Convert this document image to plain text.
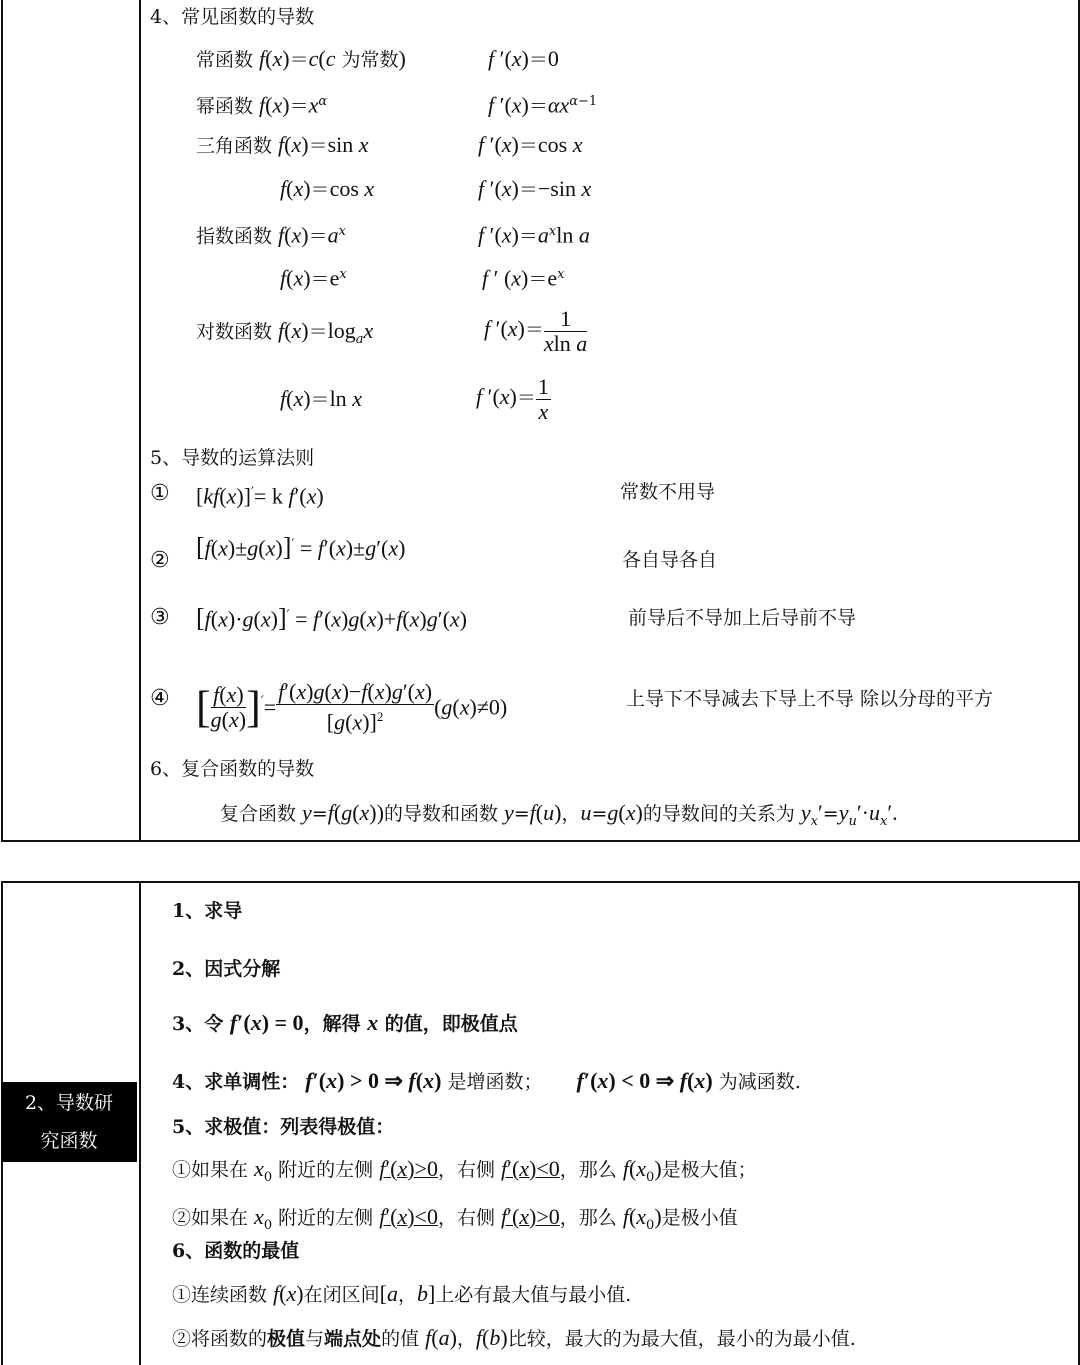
4、常见函数的导数
常函数 f(x)＝c(c 为常数)	f ′(x)＝0
幂函数 $f(x)=x^\alpha$	f $'(x)=\alpha x^{\alpha-1}$
三角函数 f(x)＝sin x	f ′(x)＝cos x
f(x)＝cos x	f ′(x)＝−sin x
指数函数 $f(x)=a^x$	f $'(x)=a^x\ln$ a
$f(x)=e^x$	f ′ $(x)=e^x$
对数函数 $f(x)=\log_ax$	f $'(x)= \frac{1}{\text{xln a}}$
f(x)＝ln x	f $'(x)= \frac{1}{x}$
5、导数的运算法则
① [kf(x)]′= k f′(x)	常数不用导
② [f(x)±g(x)]′ = f′(x)±g′(x)	各自导各自
③ [f(x)·g(x)]′ = f′(x)g(x)+f(x)g′(x)	前导后不导加上后导前不导
④ [ $\frac{f(x)}{g(x)} ]'= \frac{f'(x)g(x)-f(x)g'(x)}{[g(x)]^2} (g(x)\ne 0)$	上导下不导减去下导上不导 除以分母的平方
6、复合函数的导数
复合函数 y=f(g(x))的导数和函数 y=f(u)，u=g(x)的导数间的关系为 $y_x'=y_u'\cdot u_x'$.
2、导数研
究函数
1、求导
2、因式分解
3、令 f′(x) = 0，解得 x 的值，即极值点
4、求单调性： f′(x) > 0 ⇒ f(x) 是增函数；  f′(x) < 0 ⇒ f(x) 为减函数.
5、求极值：列表得极值：
①如果在 $x_0$ 附近的左侧 f′(x)>0，右侧 f′(x)<0，那么 $f(x_0)$是极大值；
②如果在 $x_0$ 附近的左侧 f′(x)<0，右侧 f′(x)>0，那么 $f(x_0)$是极小值
6、函数的最值
①连续函数 f(x)在闭区间[a，b]上必有最大值与最小值.
②将函数的极值与端点处的值 f(a)，f(b)比较，最大的为最大值，最小的为最小值.
